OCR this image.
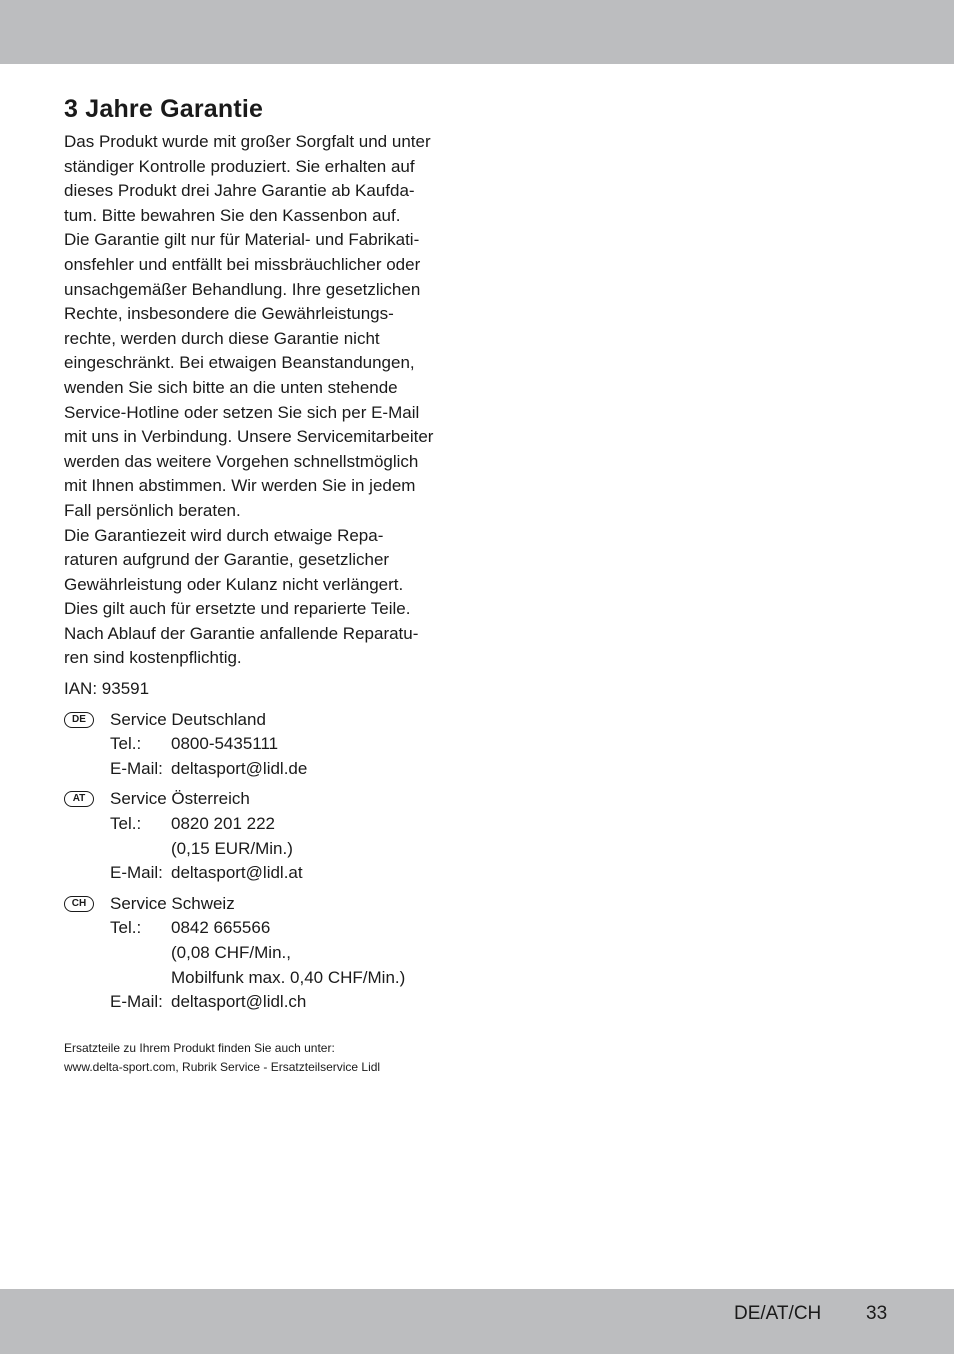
3 Jahre Garantie

Das Produkt wurde mit großer Sorgfalt und unter
ständiger Kontrolle produziert. Sie erhalten auf
dieses Produkt drei Jahre Garantie ab Kaufda-
tum. Bitte bewahren Sie den Kassenbon auf.

Die Garantie gilt nur für Material- und Fabrikati-
onsfehler und entfällt bei missbräuchlicher oder
unsachgemäßer Behandlung. Ihre gesetzlichen
Rechte, insbesondere die Gewährleistungs-
rechte, werden durch diese Garantie nicht
eingeschränkt. Bei etwaigen Beanstandungen,
wenden Sie sich bitte an die unten stehende
Service-Hotline oder setzen Sie sich per E-Mail
mit uns in Verbindung. Unsere Servicemitarbeiter
werden das weitere Vorgehen schnellstmöglich
mit Ihnen abstimmen. Wir werden Sie in jedem
Fall persönlich beraten.

Die Garantiezeit wird durch etwaige Repa-
raturen aufgrund der Garantie, gesetzlicher
Gewährleistung oder Kulanz nicht verlängert.
Dies gilt auch für ersetzte und reparierte Teile.
Nach Ablauf der Garantie anfallende Reparatu-
ren sind kostenpflichtig.

IAN: 93591
DE	Service Deutschland
Tel.:	0800-5435111
E-Mail: deltasport@lidl.de
AT	Service Österreich
Tel.:	0820 201 222
(0,15 EUR/Min.)
E-Mail: deltasport@lidl.at
CH	Service Schweiz
Tel.:	0842 665566
(0,08 CHF/Min.,
Mobilfunk max. 0,40 CHF/Min.)
E-Mail: deltasport@lidl.ch
Ersatzteile zu Ihrem Produkt finden Sie auch unter:
www.delta-sport.com, Rubrik Service - Ersatzteilservice Lidl
DE/AT/CH 33
